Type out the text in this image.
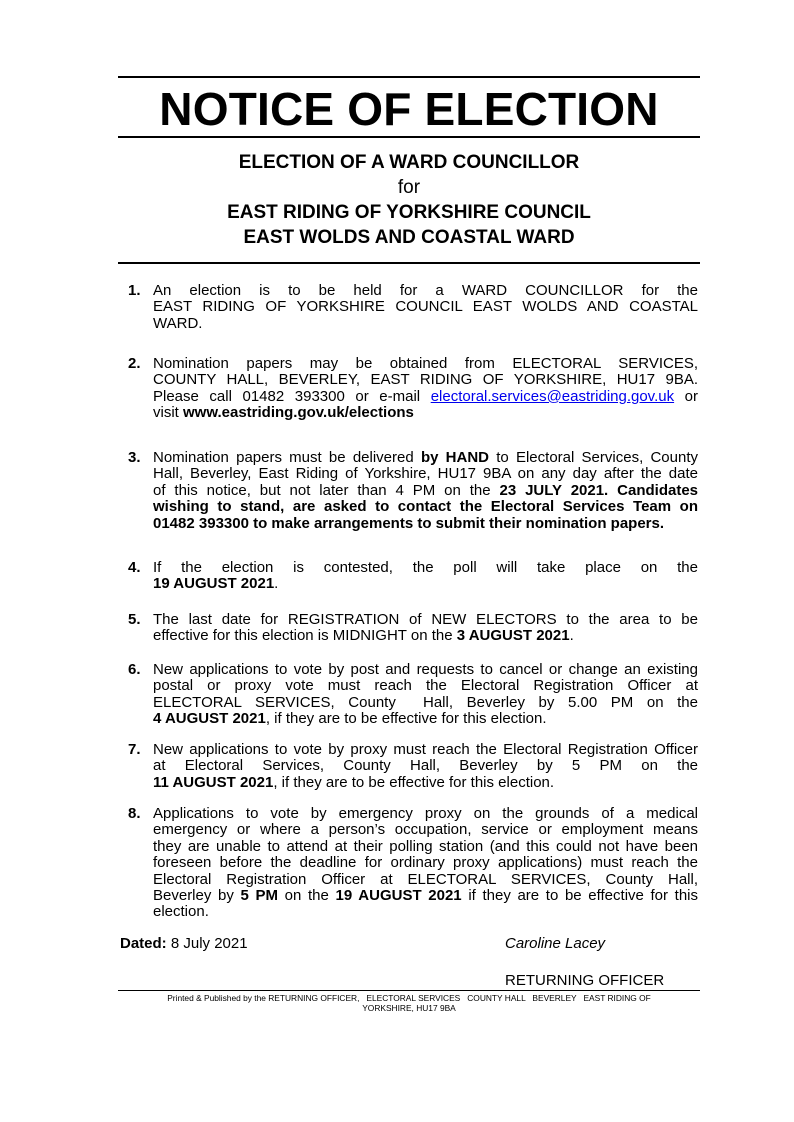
NOTICE OF ELECTION
ELECTION OF A WARD COUNCILLOR
for
EAST RIDING OF YORKSHIRE COUNCIL
EAST WOLDS AND COASTAL WARD
1. An election is to be held for a WARD COUNCILLOR for the
EAST RIDING OF YORKSHIRE COUNCIL EAST WOLDS AND COASTAL
WARD.
2. Nomination papers may be obtained from ELECTORAL SERVICES,
COUNTY HALL, BEVERLEY, EAST RIDING OF YORKSHIRE, HU17 9BA.
Please call 01482 393300 or e-mail electoral.services@eastriding.gov.uk or
visit www.eastriding.gov.uk/elections
3. Nomination papers must be delivered by HAND to Electoral Services, County
Hall, Beverley, East Riding of Yorkshire, HU17 9BA on any day after the date
of this notice, but not later than 4 PM on the 23 JULY 2021. Candidates
wishing to stand, are asked to contact the Electoral Services Team on
01482 393300 to make arrangements to submit their nomination papers.
4. If the election is contested, the poll will take place on the
19 AUGUST 2021.
5. The last date for REGISTRATION of NEW ELECTORS to the area to be
effective for this election is MIDNIGHT on the 3 AUGUST 2021.
6. New applications to vote by post and requests to cancel or change an existing
postal or proxy vote must reach the Electoral Registration Officer at
ELECTORAL SERVICES, County  Hall, Beverley by 5.00 PM on the
4 AUGUST 2021, if they are to be effective for this election.
7. New applications to vote by proxy must reach the Electoral Registration Officer
at Electoral Services, County Hall, Beverley by 5 PM on the
11 AUGUST 2021, if they are to be effective for this election.
8. Applications to vote by emergency proxy on the grounds of a medical
emergency or where a person’s occupation, service or employment means
they are unable to attend at their polling station (and this could not have been
foreseen before the deadline for ordinary proxy applications) must reach the
Electoral Registration Officer at ELECTORAL SERVICES, County Hall,
Beverley by 5 PM on the 19 AUGUST 2021 if they are to be effective for this
election.
Dated: 8 July 2021	Caroline Lacey
RETURNING OFFICER
Printed & Published by the RETURNING OFFICER,   ELECTORAL SERVICES   COUNTY HALL   BEVERLEY   EAST RIDING OF
YORKSHIRE, HU17 9BA
